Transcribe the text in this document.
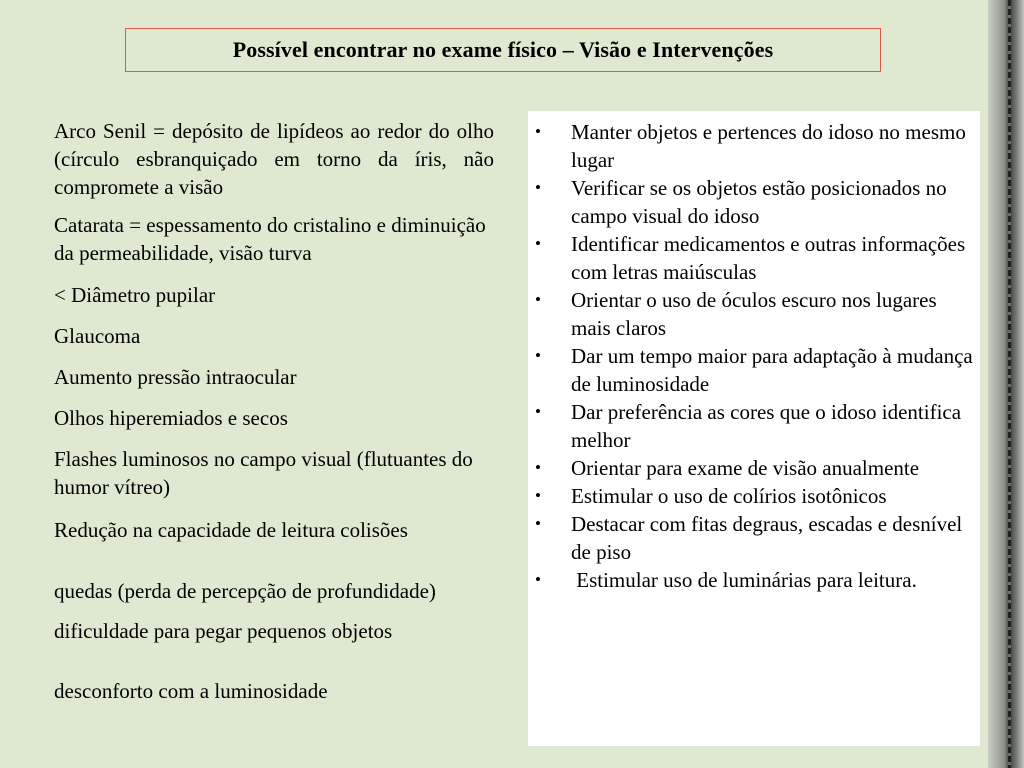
Possível encontrar no exame físico – Visão e Intervenções

Arco Senil = depósito de lipídeos ao redor do olho (círculo esbranquiçado em torno da íris, não compromete a visão

Catarata = espessamento do cristalino e diminuição da permeabilidade, visão turva

˂ Diâmetro pupilar

Glaucoma

Aumento pressão intraocular

Olhos hiperemiados e secos

Flashes luminosos no campo visual (flutuantes do humor vítreo)

Redução na capacidade de leitura colisões

quedas (perda de percepção de profundidade)

dificuldade para pegar pequenos objetos

desconforto com a luminosidade

• Manter objetos e pertences do idoso no mesmo lugar
• Verificar se os objetos estão posicionados no campo visual do idoso
• Identificar medicamentos e outras informações com letras maiúsculas
• Orientar o uso de óculos escuro nos lugares mais claros
• Dar um tempo maior para adaptação à mudança de luminosidade
• Dar preferência as cores que o idoso identifica melhor
• Orientar para exame de visão anualmente
• Estimular o uso de colírios isotônicos
• Destacar com fitas degraus, escadas e desnível de piso
• Estimular uso de luminárias para leitura.
